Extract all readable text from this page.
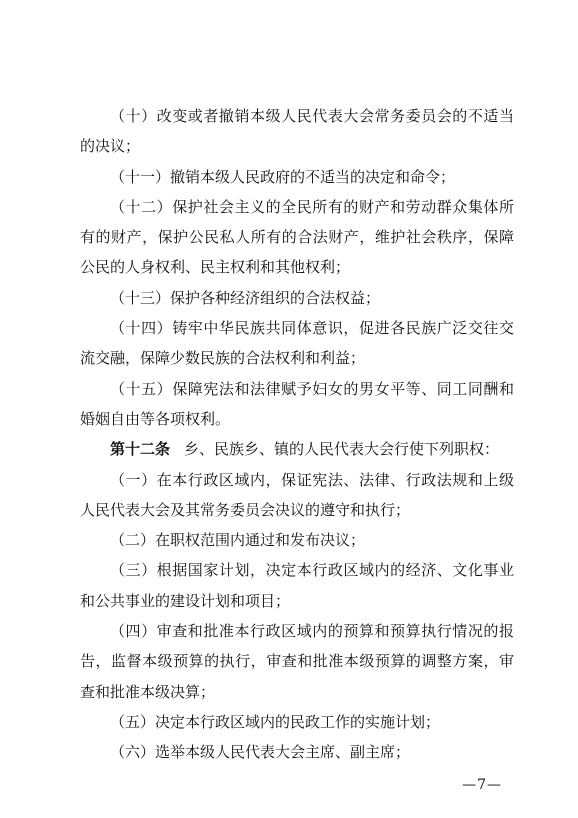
（十）改变或者撤销本级人民代表大会常务委员会的不适当
的决议；
（十一）撤销本级人民政府的不适当的决定和命令；
（十二）保护社会主义的全民所有的财产和劳动群众集体所
有的财产，保护公民私人所有的合法财产，维护社会秩序，保障
公民的人身权利、民主权利和其他权利；
（十三）保护各种经济组织的合法权益；
（十四）铸牢中华民族共同体意识，促进各民族广泛交往交
流交融，保障少数民族的合法权利和利益；
（十五）保障宪法和法律赋予妇女的男女平等、同工同酬和
婚姻自由等各项权利。
第十二条 乡、民族乡、镇的人民代表大会行使下列职权：
（一）在本行政区域内，保证宪法、法律、行政法规和上级
人民代表大会及其常务委员会决议的遵守和执行；
（二）在职权范围内通过和发布决议；
（三）根据国家计划，决定本行政区域内的经济、文化事业
和公共事业的建设计划和项目；
（四）审查和批准本行政区域内的预算和预算执行情况的报
告，监督本级预算的执行，审查和批准本级预算的调整方案，审
查和批准本级决算；
（五）决定本行政区域内的民政工作的实施计划；
（六）选举本级人民代表大会主席、副主席；
—7—
